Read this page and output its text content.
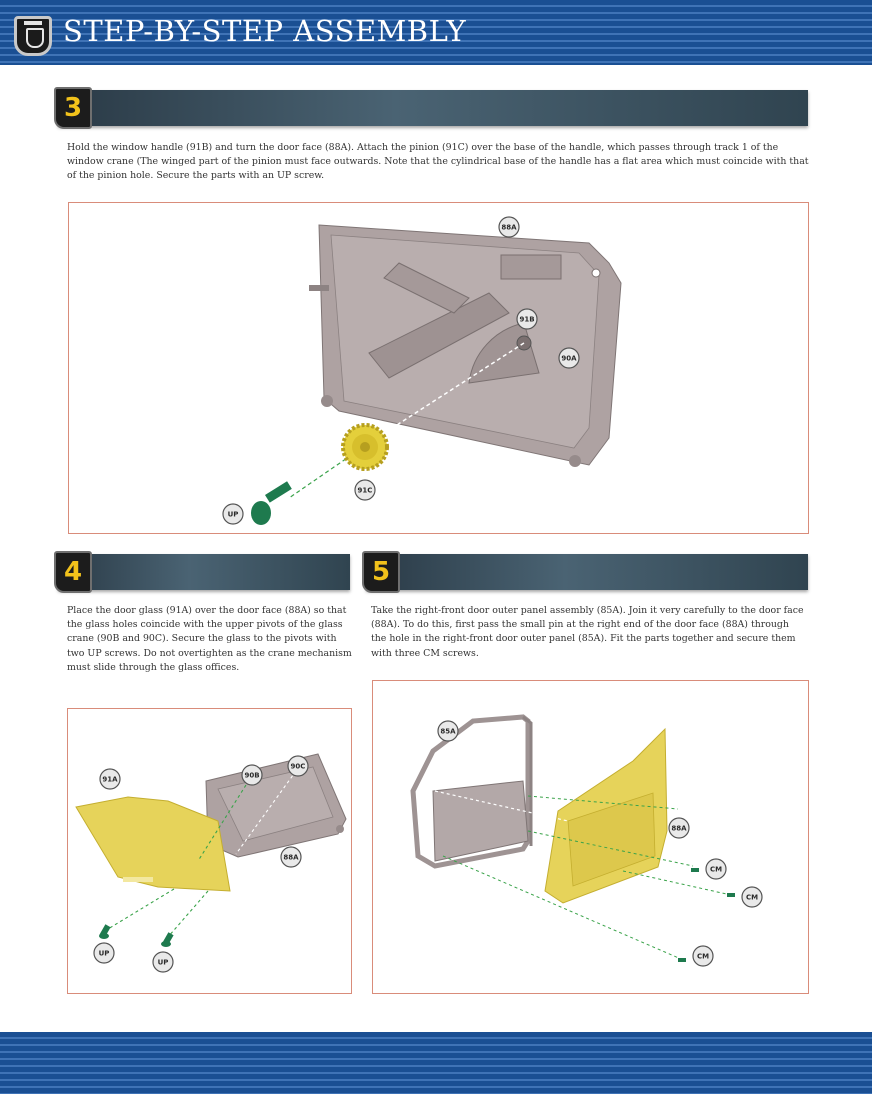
STEP-BY-STEP ASSEMBLY
3
Hold the window handle (91B) and turn the door face (88A). Attach the pinion (91C) over the base of the handle, which passes through track 1 of the window crane (The winged part of the pinion must face outwards. Note that the cylindrical base of the handle has a flat area which must coincide with that of the pinion hole. Secure the parts with an UP screw.
88A
91B
90A
91C
UP
4
Place the door glass (91A) over the door face (88A) so that the glass holes coincide with the upper pivots of the glass crane (90B and 90C). Secure the glass to the pivots with two UP screws. Do not overtighten as the crane mechanism must slide through the glass offices.
91A	90B
90C
88A
UP
UP
5
Take the right-front door outer panel assembly (85A). Join it very carefully to the door face (88A). To do this, first pass the small pin at the right end of the door face (88A) through the hole in the right-front door outer panel (85A). Fit the parts together and secure them with three CM screws.
85A
88A
CM
CM
CM
